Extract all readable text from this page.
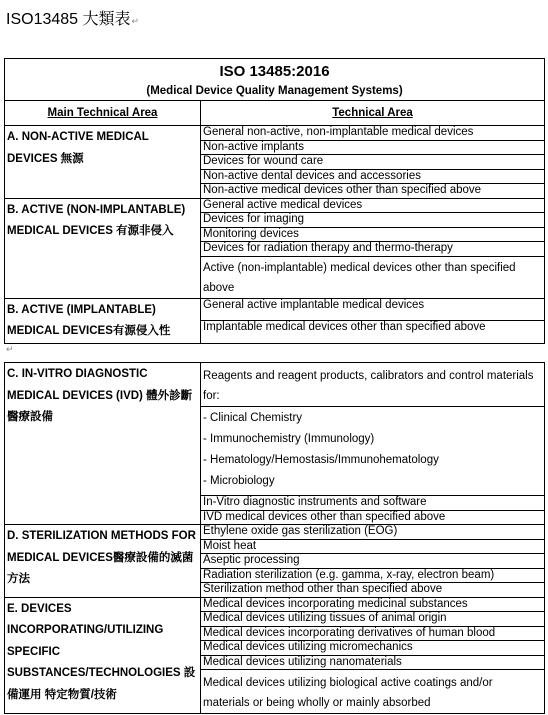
ISO13485 大類表↵
ISO 13485:2016
(Medical Device Quality Management Systems)	

Main Technical Area	Technical Area
A. NON-ACTIVE MEDICAL DEVICES 無源	General non-active, non-implantable medical devices
	Non-active implants
	Devices for wound care
	Non-active dental devices and accessories
	Non-active medical devices other than specified above
B. ACTIVE (NON-IMPLANTABLE) MEDICAL DEVICES 有源非侵入	General active medical devices
	Devices for imaging
	Monitoring devices
	Devices for radiation therapy and thermo-therapy
	Active (non-implantable) medical devices other than specified above
B. ACTIVE (IMPLANTABLE) MEDICAL DEVICES有源侵入性	General active implantable medical devices
	Implantable medical devices other than specified above
↵
C. IN-VITRO DIAGNOSTIC MEDICAL DEVICES (IVD) 體外診斷醫療設備	Reagents and reagent products, calibrators and control materials for:
	- Clinical Chemistry
	- Immunochemistry (Immunology)
	- Hematology/Hemostasis/Immunohematology
	- Microbiology
	In-Vitro diagnostic instruments and software
	IVD medical devices other than specified above
D. STERILIZATION METHODS FOR MEDICAL DEVICES醫療設備的滅菌方法	Ethylene oxide gas sterilization (EOG)
	Moist heat
	Aseptic processing
	Radiation sterilization (e.g. gamma, x-ray, electron beam)
	Sterilization method other than specified above
E. DEVICES INCORPORATING/UTILIZING SPECIFIC SUBSTANCES/TECHNOLOGIES 設備運用 特定物質/技術	Medical devices incorporating medicinal substances
	Medical devices utilizing tissues of animal origin
	Medical devices incorporating derivatives of human blood
	Medical devices utilizing micromechanics
	Medical devices utilizing nanomaterials
	Medical devices utilizing biological active coatings and/or materials or being wholly or mainly absorbed
